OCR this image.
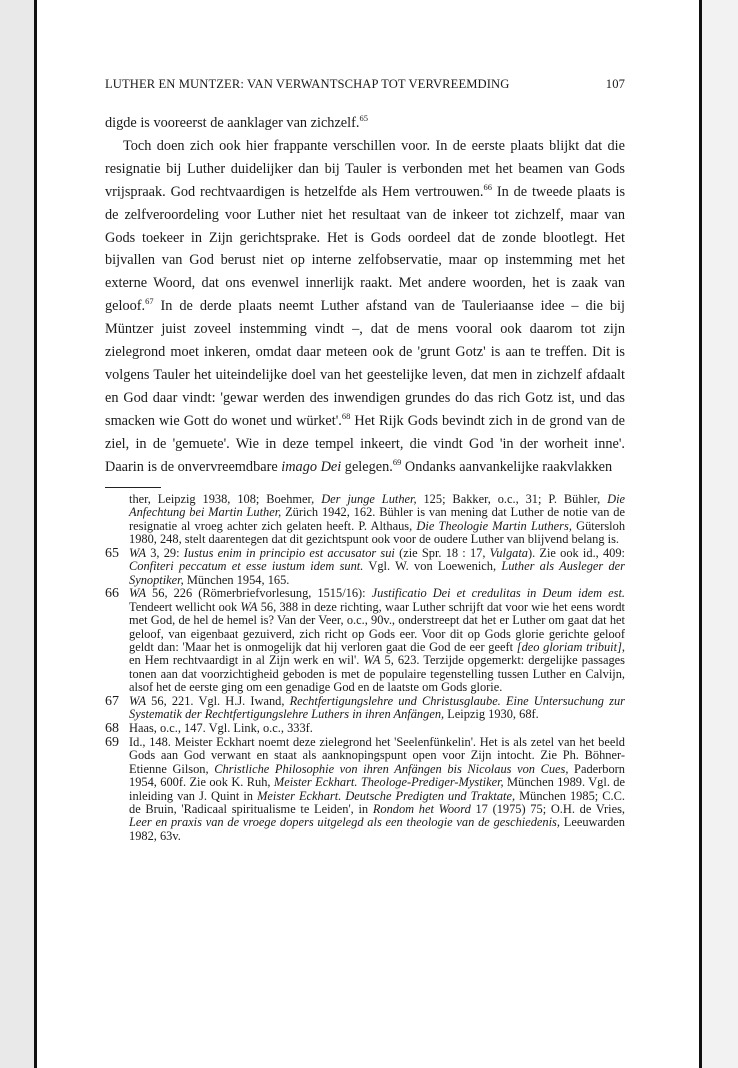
LUTHER EN MUNTZER: VAN VERWANTSCHAP TOT VERVREEMDING	107

digde is vooreerst de aanklager van zichzelf.$^{65}$

Toch doen zich ook hier frappante verschillen voor. In de eerste plaats blijkt dat die resignatie bij Luther duidelijker dan bij Tauler is verbonden met het beamen van Gods vrijspraak. God rechtvaardigen is hetzelfde als Hem vertrouwen.$^{66}$ In de tweede plaats is de zelfveroordeling voor Luther niet het resultaat van de inkeer tot zichzelf, maar van Gods toekeer in Zijn gerichtsprake. Het is Gods oordeel dat de zonde blootlegt. Het bijvallen van God berust niet op interne zelfobservatie, maar op instemming met het externe Woord, dat ons evenwel innerlijk raakt. Met andere woorden, het is zaak van geloof.$^{67}$ In de derde plaats neemt Luther afstand van de Tauleriaanse idee – die bij Müntzer juist zoveel instemming vindt –, dat de mens vooral ook daarom tot zijn zielegrond moet inkeren, omdat daar meteen ook de 'grunt Gotz' is aan te treffen. Dit is volgens Tauler het uiteindelijke doel van het geestelijke leven, dat men in zichzelf afdaalt en God daar vindt: 'gewar werden des inwendigen grundes do das rich Gotz ist, und das smacken wie Gott do wonet und würket'.$^{68}$ Het Rijk Gods bevindt zich in de grond van de ziel, in de 'gemuete'. Wie in deze tempel inkeert, die vindt God 'in der worheit inne'. Daarin is de onvervreemdbare imago Dei gelegen.$^{69}$ Ondanks aanvankelijke raakvlakken

ther, Leipzig 1938, 108; Boehmer, Der junge Luther, 125; Bakker, o.c., 31; P. Bühler, Die Anfechtung bei Martin Luther, Zürich 1942, 162. Bühler is van mening dat Luther de notie van de resignatie al vroeg achter zich gelaten heeft. P. Althaus, Die Theologie Martin Luthers, Gütersloh 1980, 248, stelt daarentegen dat dit gezichtspunt ook voor de oudere Luther van blijvend belang is.
65 WA 3, 29: Iustus enim in principio est accusator sui (zie Spr. 18 : 17, Vulgata). Zie ook id., 409: Confiteri peccatum et esse iustum idem sunt. Vgl. W. von Loewenich, Luther als Ausleger der Synoptiker, München 1954, 165.
66 WA 56, 226 (Römerbriefvorlesung, 1515/16): Justificatio Dei et credulitas in Deum idem est. Tendeert wellicht ook WA 56, 388 in deze richting, waar Luther schrijft dat voor wie het eens wordt met God, de hel de hemel is? Van der Veer, o.c., 90v., onderstreept dat het er Luther om gaat dat het geloof, van eigenbaat gezuiverd, zich richt op Gods eer. Voor dit op Gods glorie gerichte geloof geldt dan: 'Maar het is onmogelijk dat hij verloren gaat die God de eer geeft [deo gloriam tribuit], en Hem rechtvaardigt in al Zijn werk en wil'. WA 5, 623. Terzijde opgemerkt: dergelijke passages tonen aan dat voorzichtigheid geboden is met de populaire tegenstelling tussen Luther en Calvijn, alsof het de eerste ging om een genadige God en de laatste om Gods glorie.
67 WA 56, 221. Vgl. H.J. Iwand, Rechtfertigungslehre und Christusglaube. Eine Untersuchung zur Systematik der Rechtfertigungslehre Luthers in ihren Anfängen, Leipzig 1930, 68f.
68 Haas, o.c., 147. Vgl. Link, o.c., 333f.
69 Id., 148. Meister Eckhart noemt deze zielegrond het 'Seelenfünkelin'. Het is als zetel van het beeld Gods aan God verwant en staat als aanknopingspunt open voor Zijn intocht. Zie Ph. Böhner-Etienne Gilson, Christliche Philosophie von ihren Anfängen bis Nicolaus von Cues, Paderborn 1954, 600f. Zie ook K. Ruh, Meister Eckhart. Theologe-Prediger-Mystiker, München 1989. Vgl. de inleiding van J. Quint in Meister Eckhart. Deutsche Predigten und Traktate, München 1985; C.C. de Bruin, 'Radicaal spiritualisme te Leiden', in Rondom het Woord 17 (1975) 75; O.H. de Vries, Leer en praxis van de vroege dopers uitgelegd als een theologie van de geschiedenis, Leeuwarden 1982, 63v.
